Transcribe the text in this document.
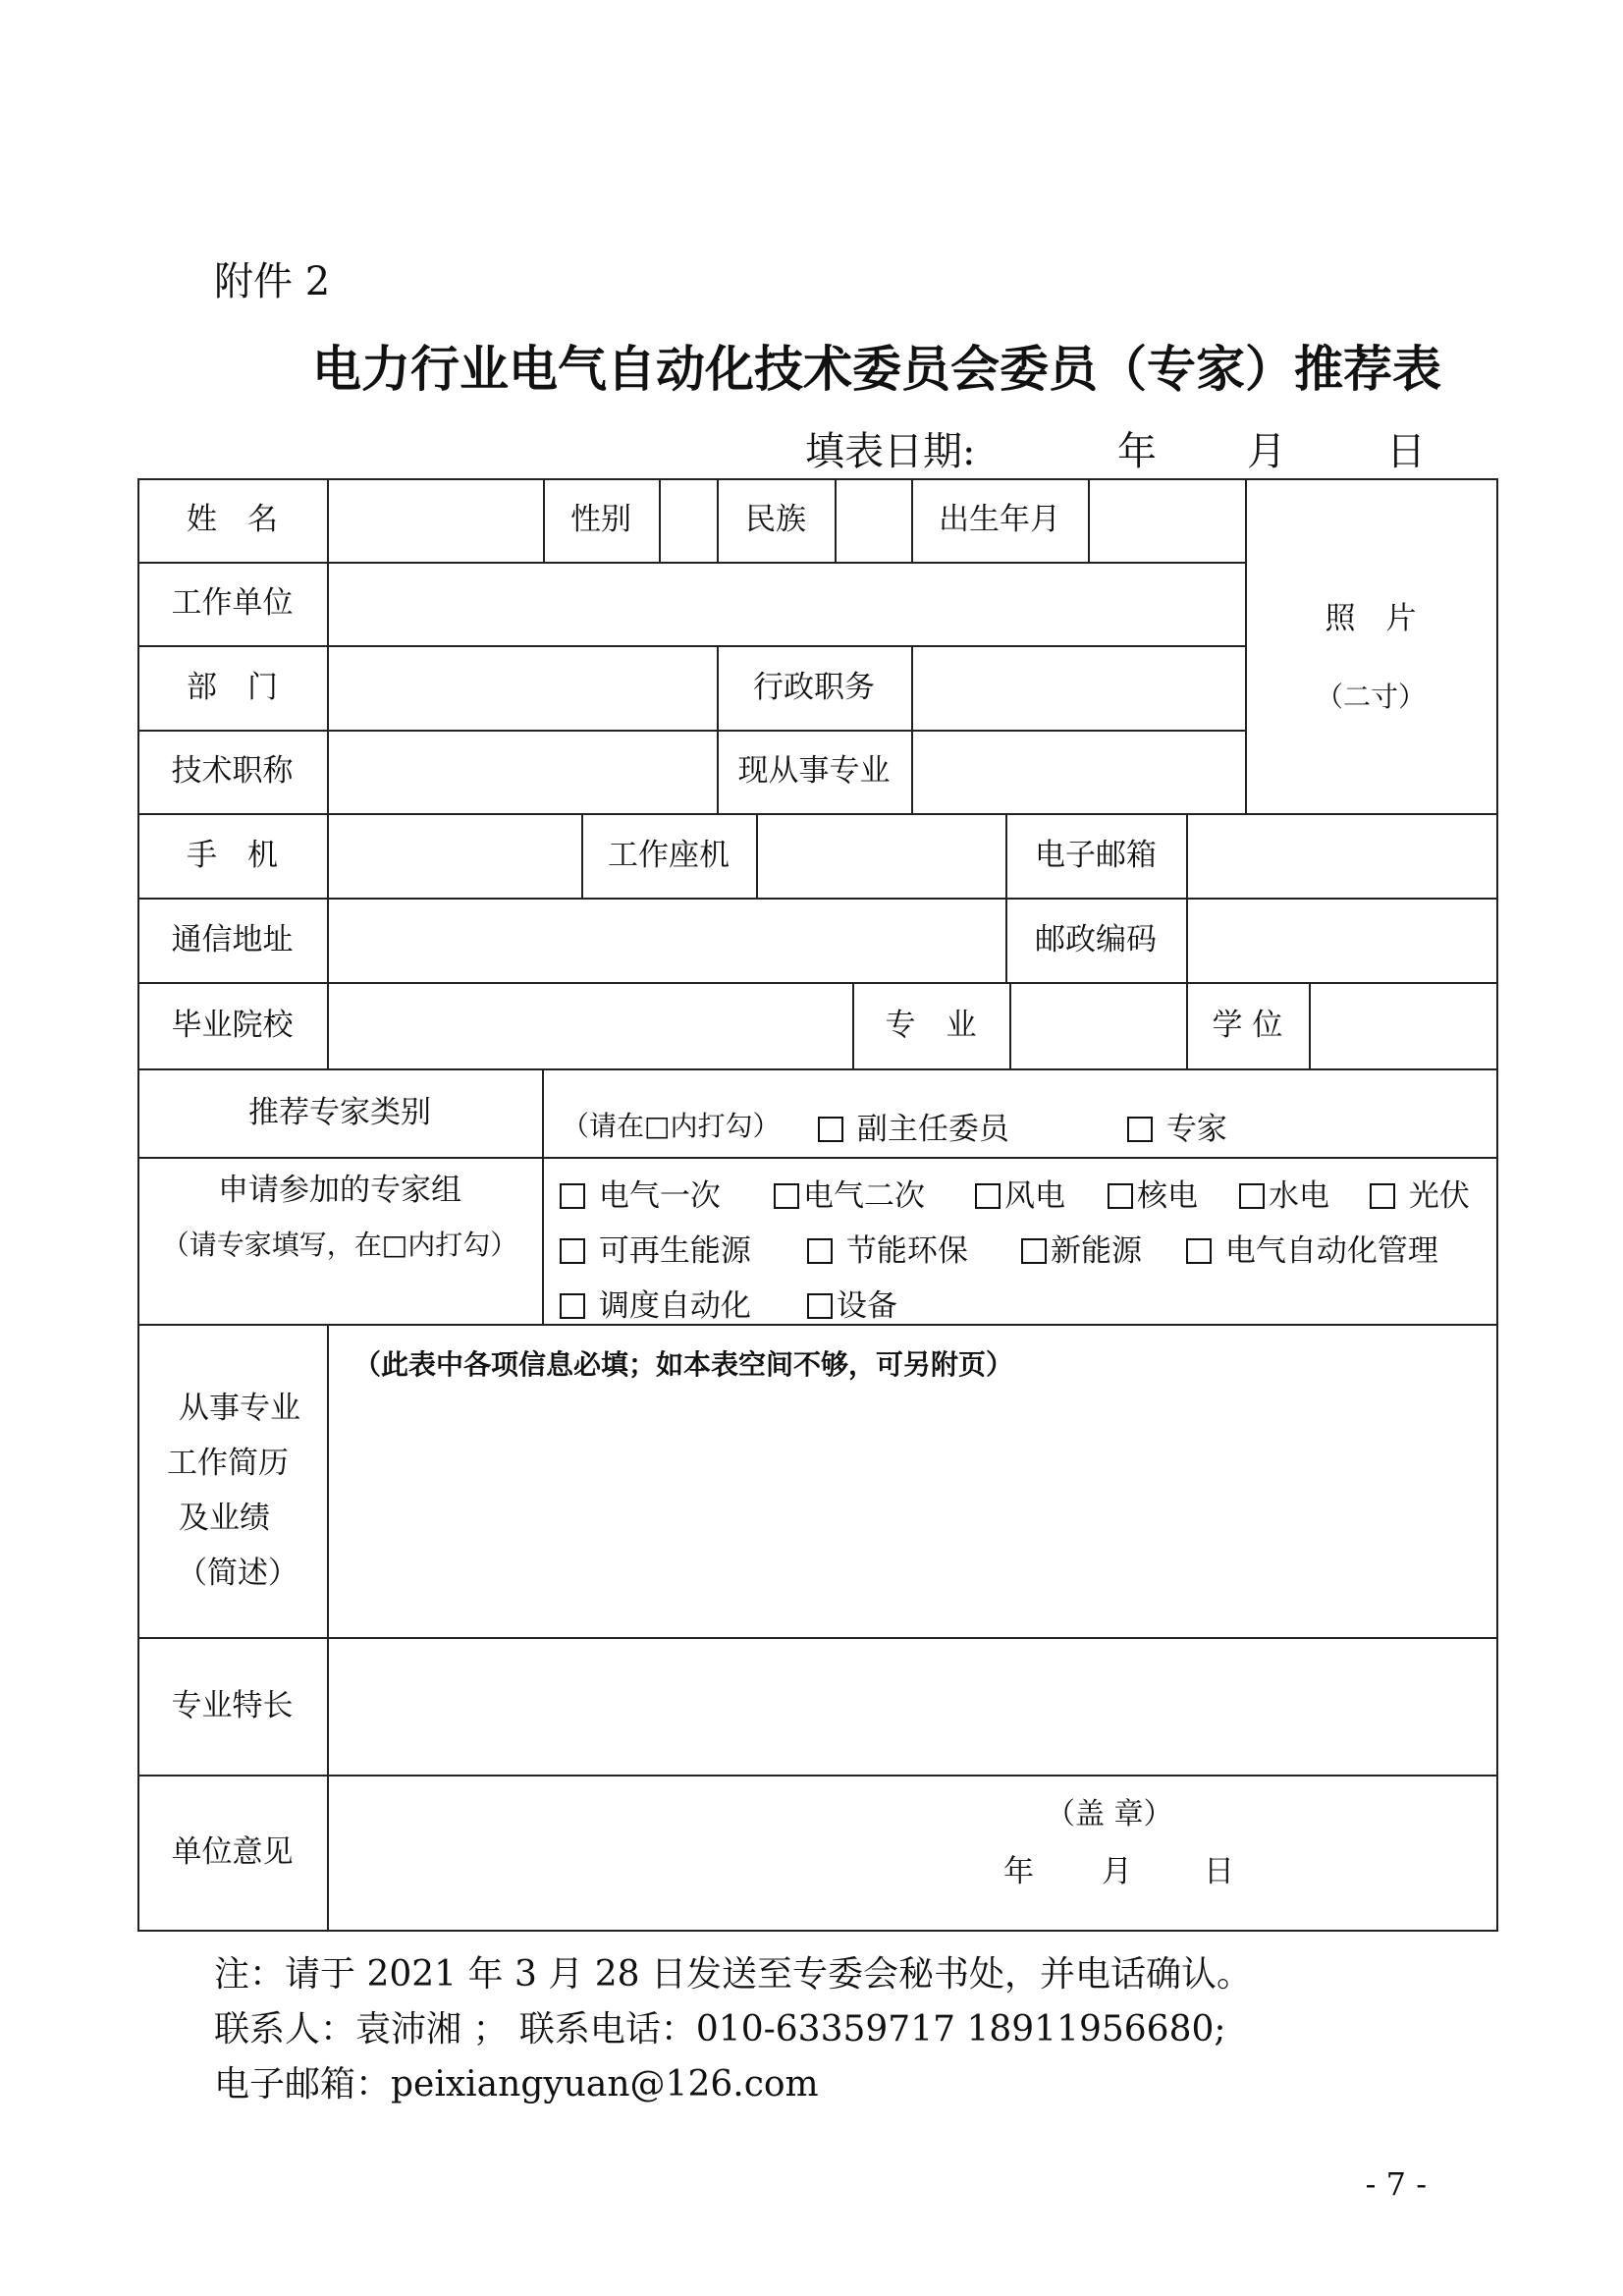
附件 2
电力行业电气自动化技术委员会委员（专家）推荐表
填表日期:	年 月	日
姓　名	性别	民族	出生年月
照　片
（二寸）
工作单位
部　门	行政职务
技术职称	现从事专业
手　机	工作座机	电子邮箱
通信地址	邮政编码
毕业院校	专　业	学 位
推荐专家类别	（请在□内打勾）	副主任委员	专家
申请参加的专家组
（请专家填写，在□内打勾）
电气一次	电气二次	风电	核电	水电	光伏
可再生能源	节能环保	新能源	电气自动化管理
调度自动化	设备
从事专业
工作简历
及业绩
（简述）
（此表中各项信息必填；如本表空间不够，可另附页）
专业特长
单位意见
（盖 章）
年 月 日
注：请于 2021 年 3 月 28 日发送至专委会秘书处，并电话确认。
联系人：袁沛湘 ； 联系电话：010-63359717 18911956680;
电子邮箱：peixiangyuan@126.com
- 7 -
